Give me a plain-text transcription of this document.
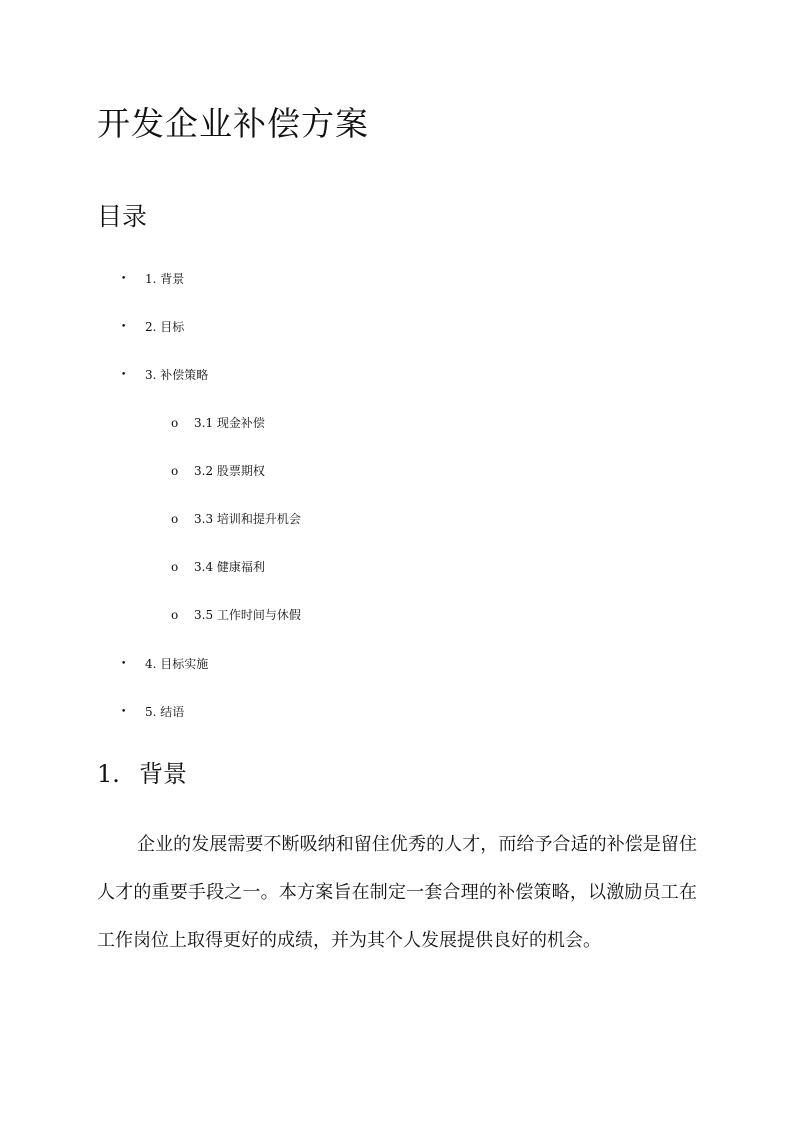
开发企业补偿方案
目录
• 1. 背景
• 2. 目标
• 3. 补偿策略
o 3.1 现金补偿
o 3.2 股票期权
o 3.3 培训和提升机会
o 3.4 健康福利
o 3.5 工作时间与休假
• 4. 目标实施
• 5. 结语
1. 背景

企业的发展需要不断吸纳和留住优秀的人才，而给予合适的补偿是留住人才的重要手段之一。本方案旨在制定一套合理的补偿策略，以激励员工在工作岗位上取得更好的成绩，并为其个人发展提供良好的机会。
